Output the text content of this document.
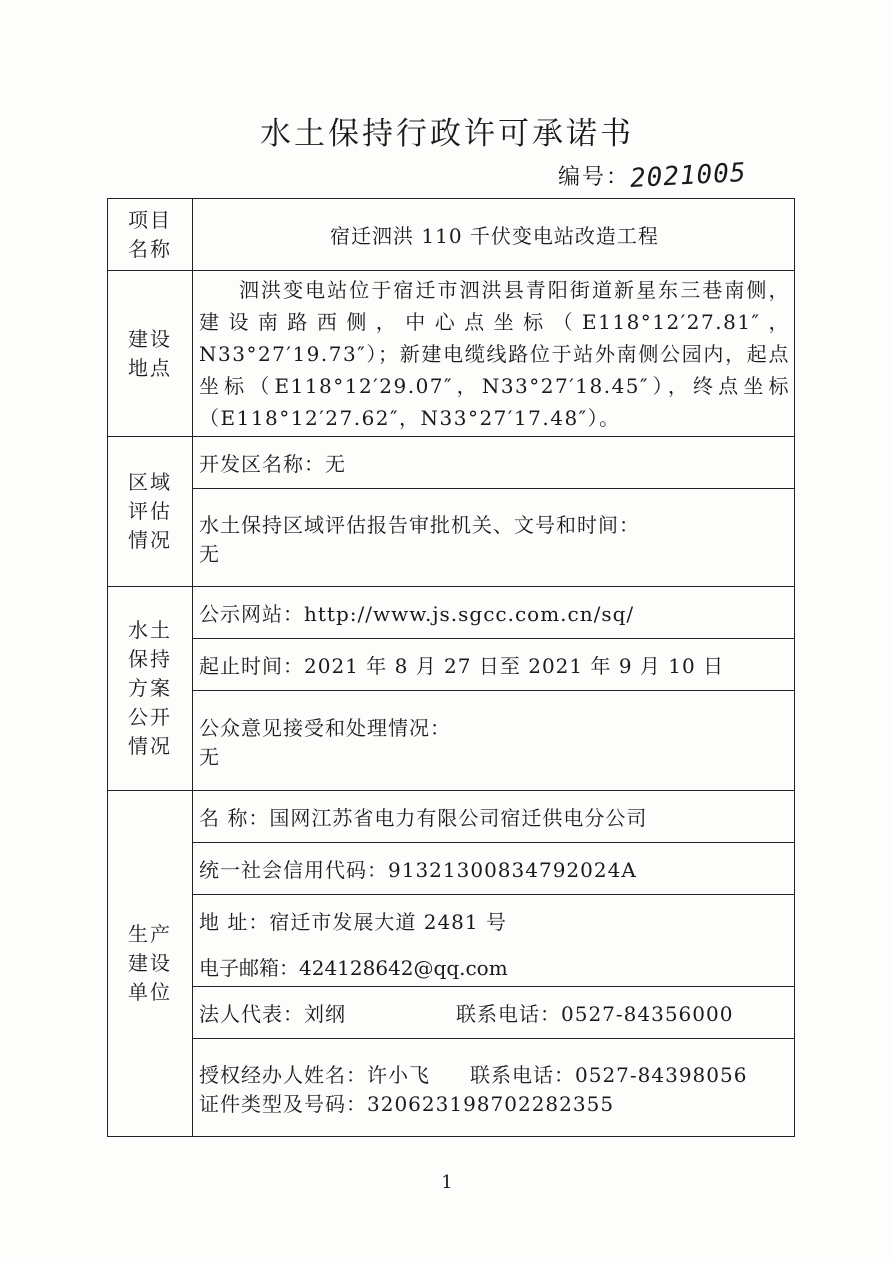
水土保持行政许可承诺书
编号：2021005
项目
名称	宿迁泗洪 110 千伏变电站改造工程

建设
地点	泗洪变电站位于宿迁市泗洪县青阳街道新星东三巷南侧，建设南路西侧，中心点坐标（E118°12′27.81″，N33°27′19.73″）；新建电缆线路位于站外南侧公园内，起点坐标（E118°12′29.07″，N33°27′18.45″），终点坐标（E118°12′27.62″，N33°27′17.48″）。

区域
评估
情况	开发区名称：无

	水土保持区域评估报告审批机关、文号和时间：
无

水土
保持
方案
公开
情况	公示网站：http://www.js.sgcc.com.cn/sq/
	起止时间：2021 年 8 月 27 日至 2021 年 9 月 10 日

	公众意见接受和处理情况：
无

生产
建设
单位	名 称：国网江苏省电力有限公司宿迁供电分公司
	统一社会信用代码：91321300834792024A
	地 址：宿迁市发展大道 2481 号
	电子邮箱：424128642@qq.com
	法人代表：刘纲 联系电话：0527-84356000

	授权经办人姓名：许小飞 联系电话：0527-84398056
证件类型及号码：320623198702282355
1
